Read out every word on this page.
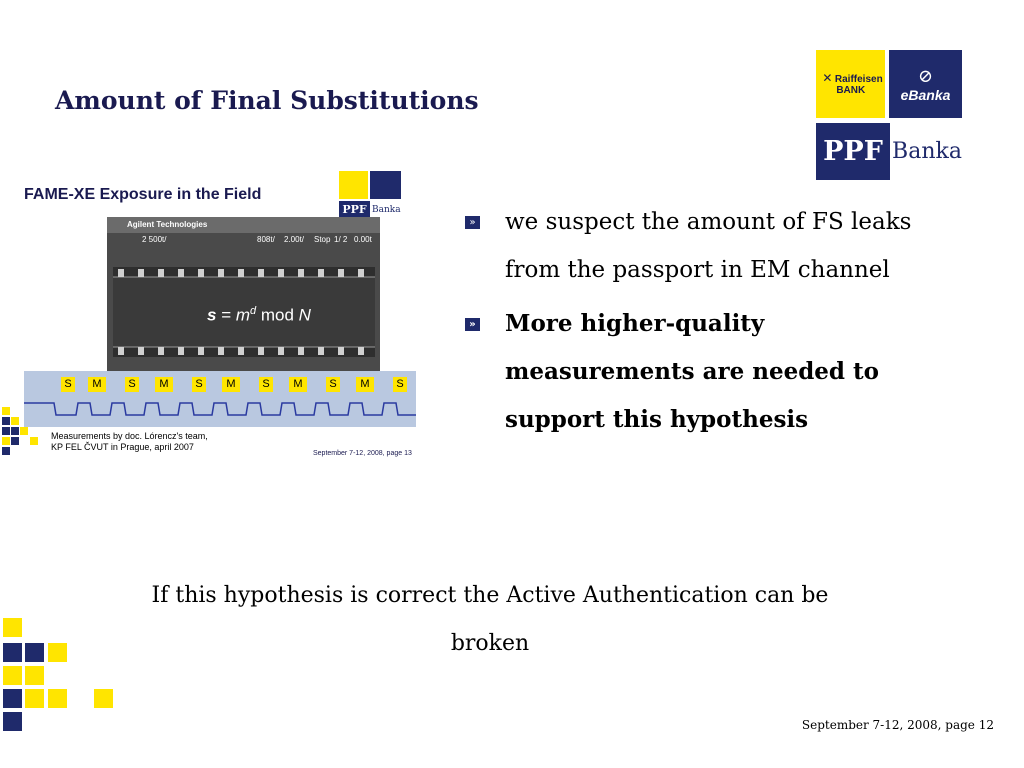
Amount of Final Substitutions
✕ Raiffeisen
BANK
⊘
eBanka
PPF Banka
FAME-XE Exposure in the Field
PPF Banka
Agilent Technologies
2 500t/	808t/ 2.00t/ Stop 1/ 2 0.00t
$s = m^d$ mod N
S	M	S	M	S	M	S	M	S	M	S
Measurements by doc. Lórencz's team,
KP FEL ČVUT in Prague, april 2007
September 7-12, 2008, page 13
» we suspect the amount of FS leaks from the passport in EM channel
» More higher-quality measurements are needed to support this hypothesis
If this hypothesis is correct the Active Authentication can be broken
September 7-12, 2008, page 12
